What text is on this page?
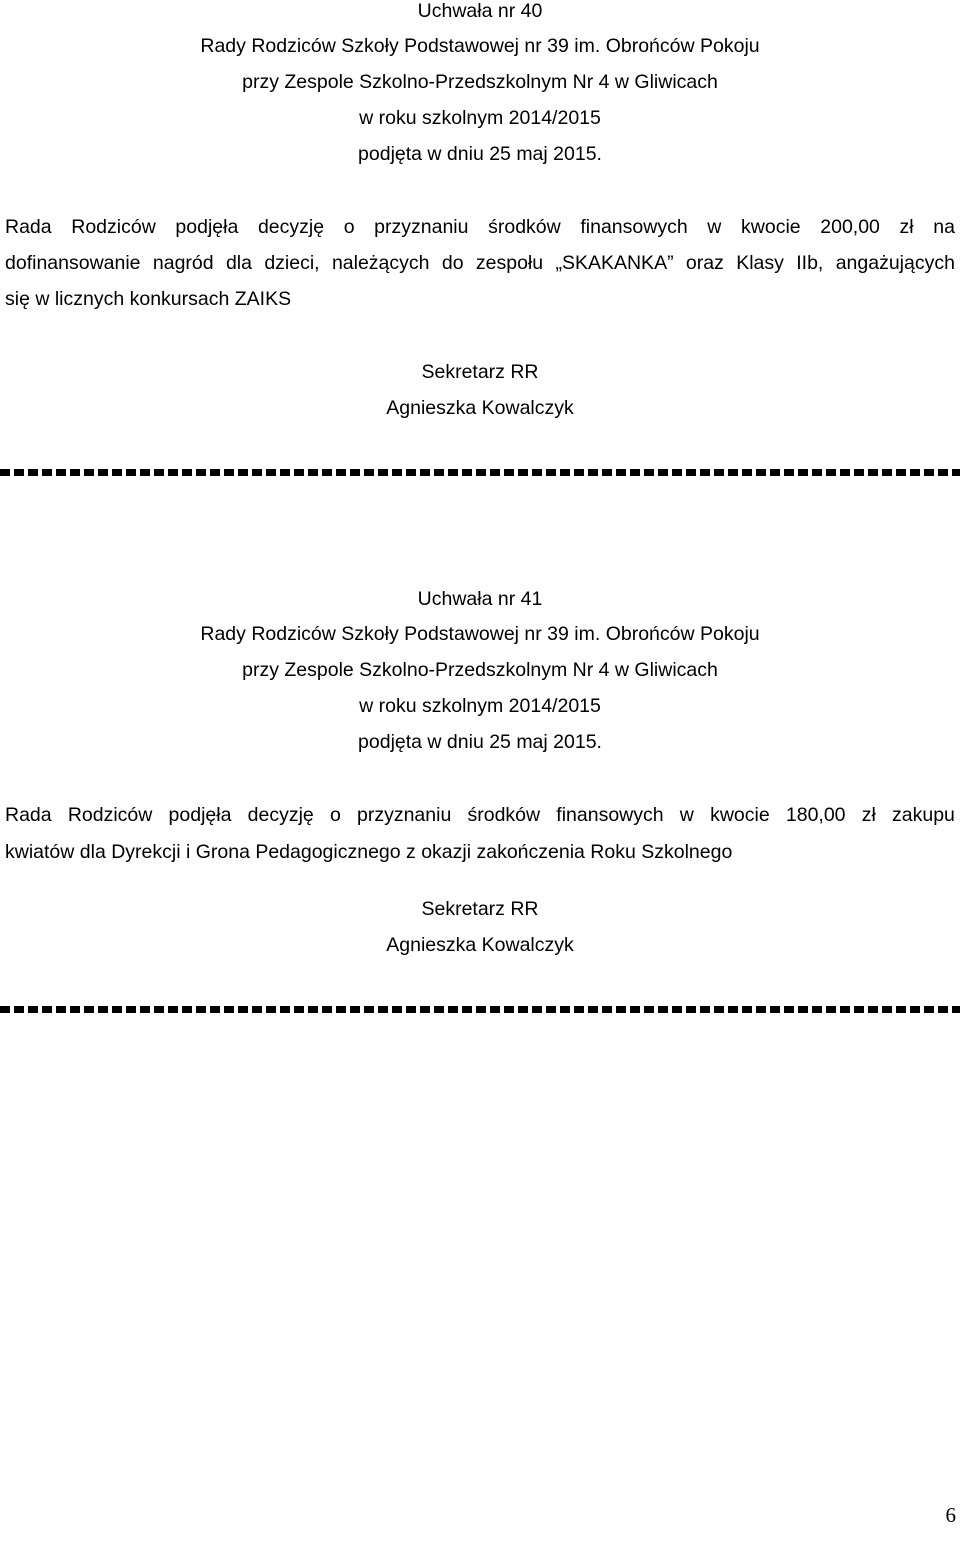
Uchwała nr 40
Rady Rodziców Szkoły Podstawowej nr 39 im. Obrońców Pokoju
przy Zespole Szkolno-Przedszkolnym Nr 4 w Gliwicach
w roku szkolnym 2014/2015
podjęta w dniu 25 maj 2015.
Rada Rodziców podjęła decyzję o przyznaniu środków finansowych w kwocie 200,00 zł na
dofinansowanie nagród dla dzieci, należących do zespołu „SKAKANKA” oraz Klasy IIb, angażujących
się w licznych konkursach ZAIKS
Sekretarz RR
Agnieszka Kowalczyk
Uchwała nr 41
Rady Rodziców Szkoły Podstawowej nr 39 im. Obrońców Pokoju
przy Zespole Szkolno-Przedszkolnym Nr 4 w Gliwicach
w roku szkolnym 2014/2015
podjęta w dniu 25 maj 2015.
Rada Rodziców podjęła decyzję o przyznaniu środków finansowych w kwocie 180,00 zł zakupu
kwiatów dla Dyrekcji i Grona Pedagogicznego z okazji zakończenia Roku Szkolnego
Sekretarz RR
Agnieszka Kowalczyk
6
